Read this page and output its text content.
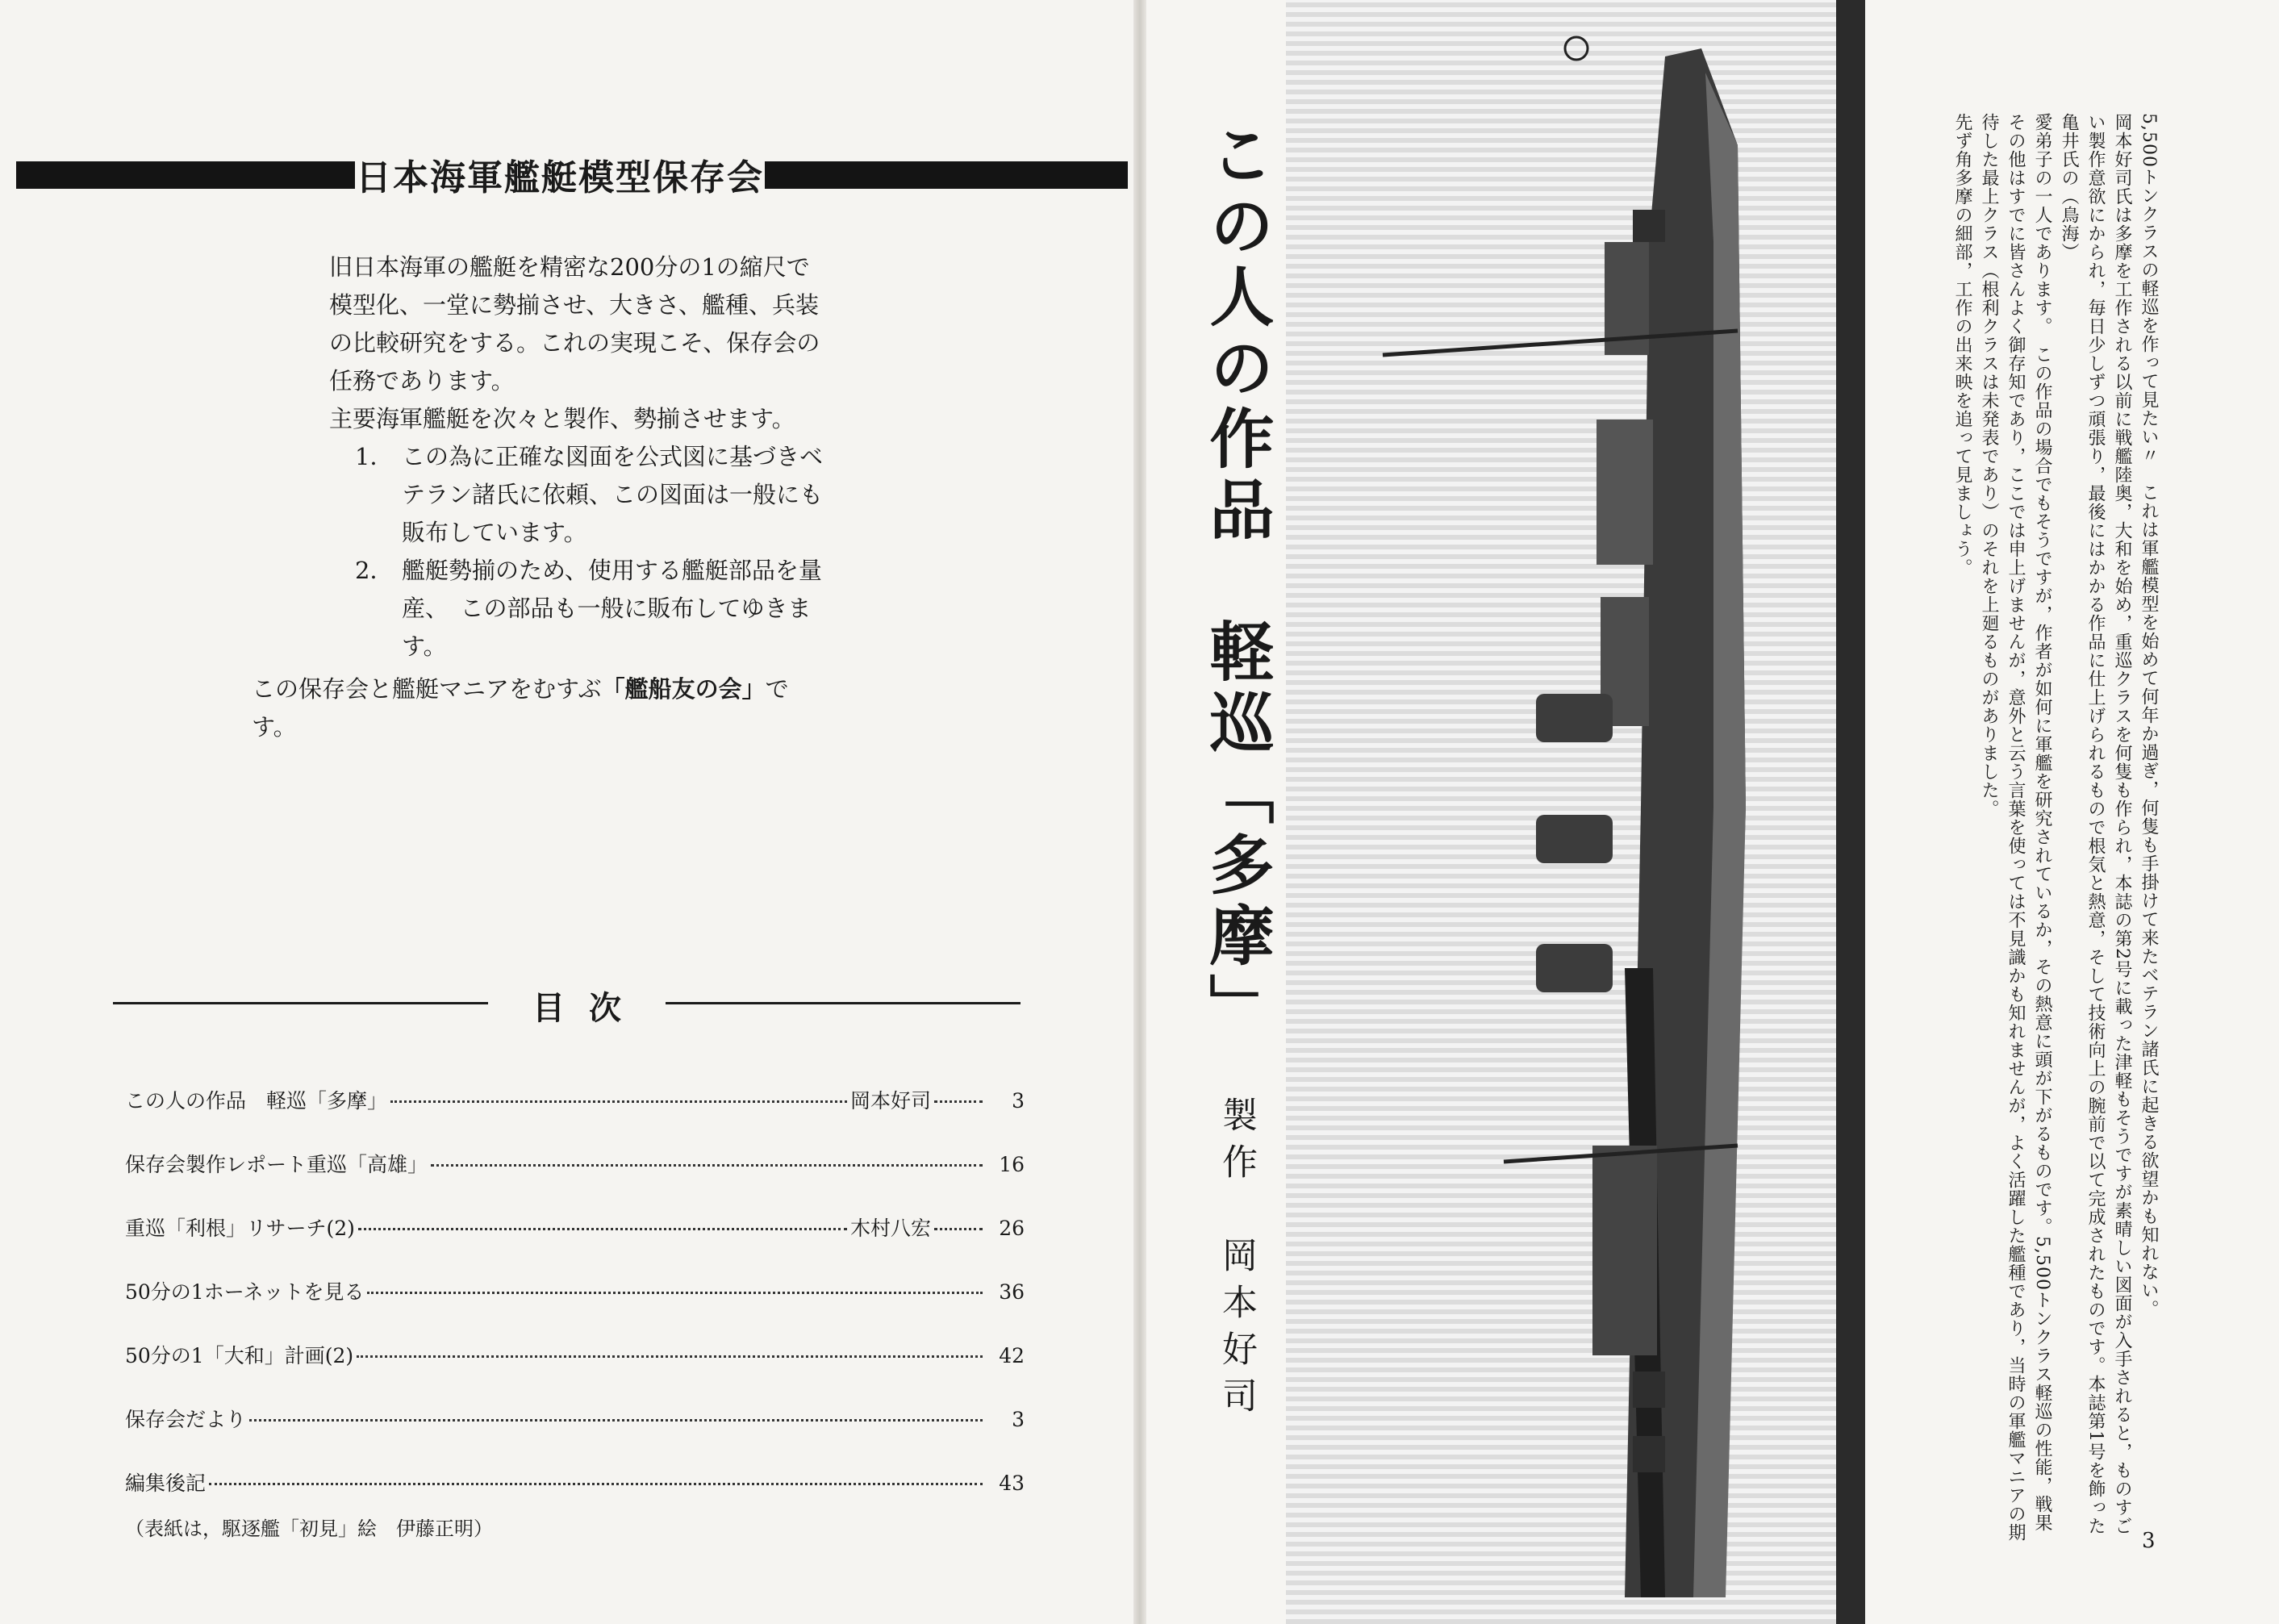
日本海軍艦艇模型保存会

旧日本海軍の艦艇を精密な200分の1の縮尺で模型化、一堂に勢揃させ、大きさ、艦種、兵装の比較研究をする。これの実現こそ、保存会の任務であります。

主要海軍艦艇を次々と製作、勢揃させます。

1． この為に正確な図面を公式図に基づきベテラン諸氏に依頼、この図面は一般にも販布しています。
2． 艦艇勢揃のため、使用する艦艇部品を量産、　この部品も一般に販布してゆきます。

この保存会と艦艇マニアをむすぶ「艦船友の会」です。

目 次
この人の作品　軽巡「多摩」	岡本好司	3
保存会製作レポート重巡「高雄」	16
重巡「利根」リサーチ(2)	木村八宏	26
50分の1ホーネットを見る	36
50分の1「大和」計画(2)	42
保存会だより	3
編集後記	43
（表紙は，駆逐艦「初見」絵　伊藤正明）
この人の作品　軽巡「多摩」 製作　岡本好司	5,500トンクラスの軽巡を作って見たい〃　これは軍艦模型を始めて何年か過ぎ，何隻も手掛けて来たベテラン諸氏に起きる欲望かも知れない。

岡本好司氏は多摩を工作される以前に戦艦陸奥，大和を始め，重巡クラスを何隻も作られ，本誌の第2号に載った津軽もそうですが素晴しい図面が入手されると，ものすごい製作意欲にかられ，毎日少しずつ頑張り，最後にはかかる作品に仕上げられるもので根気と熱意，そして技術向上の腕前で以て完成されたものです。本誌第1号を飾った亀井氏の（鳥海）

愛弟子の一人であります。　この作品の場合でもそうですが，作者が如何に軍艦を研究されているか，その熱意に頭が下がるものです。5,500トンクラス軽巡の性能，戦果その他はすでに皆さんよく御存知であり，ここでは申上げませんが，意外と云う言葉を使っては不見識かも知れませんが，よく活躍した艦種であり，当時の軍艦マニアの期待した最上クラス（根利クラスは未発表であり）のそれを上廻るものがありました。

先ず角多摩の細部，工作の出来映を追って見ましょう。

3
